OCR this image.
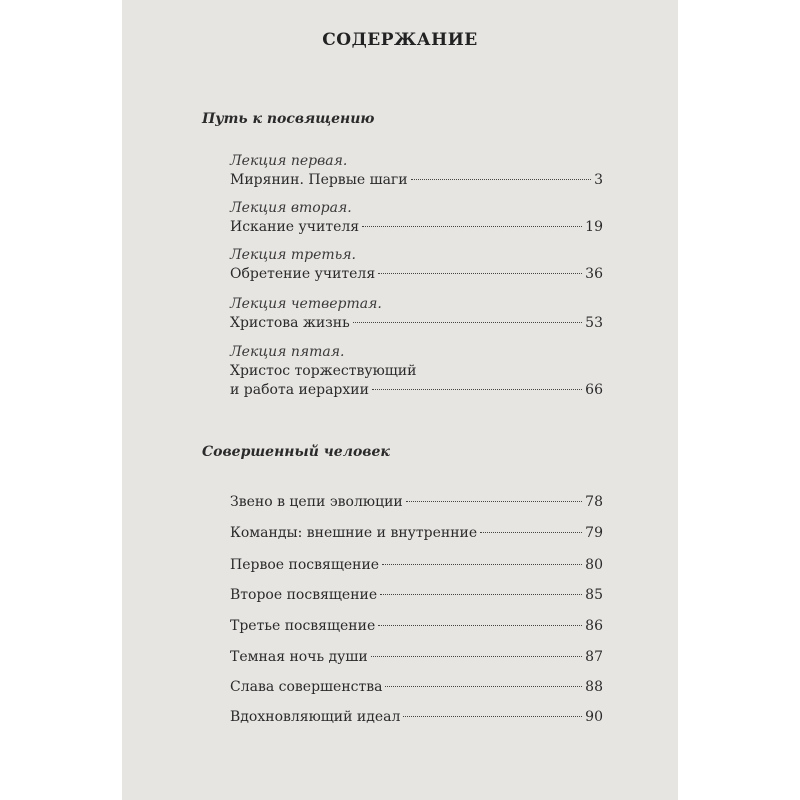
СОДЕРЖАНИЕ
Путь к посвящению
Лекция первая.
Мирянин. Первые шаги	3
Лекция вторая.
Искание учителя	19
Лекция третья.
Обретение учителя	36
Лекция четвертая.
Христова жизнь	53
Лекция пятая.
Христос торжествующий
и работа иерархии	66
Совершенный человек
Звено в цепи эволюции	78
Команды: внешние и внутренние	79
Первое посвящение	80
Второе посвящение	85
Третье посвящение	86
Темная ночь души	87
Слава совершенства	88
Вдохновляющий идеал	90
